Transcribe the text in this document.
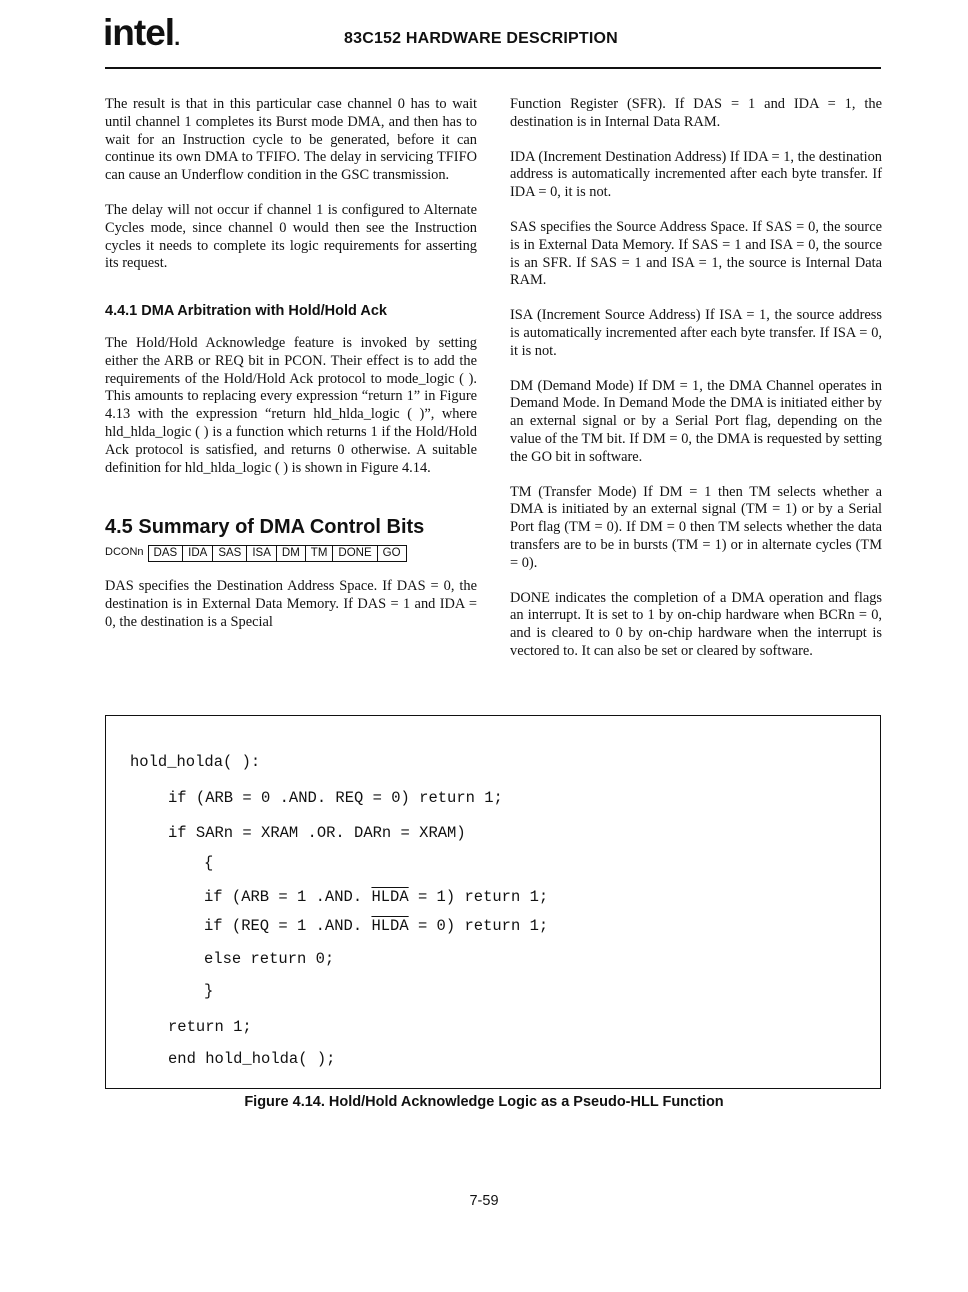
intel.	83C152 HARDWARE DESCRIPTION

The result is that in this particular case channel 0 has to wait until channel 1 completes its Burst mode DMA, and then has to wait for an Instruction cycle to be generated, before it can continue its own DMA to TFIFO. The delay in servicing TFIFO can cause an Underflow condition in the GSC transmission.

The delay will not occur if channel 1 is configured to Alternate Cycles mode, since channel 0 would then see the Instruction cycles it needs to complete its logic requirements for asserting its request.

4.4.1 DMA Arbitration with Hold/Hold Ack

The Hold/Hold Acknowledge feature is invoked by setting either the ARB or REQ bit in PCON. Their effect is to add the requirements of the Hold/Hold Ack protocol to mode_logic ( ). This amounts to replacing every expression “return 1” in Figure 4.13 with the expression “return hld_hlda_logic ( )”, where hld_hlda_logic ( ) is a function which returns 1 if the Hold/Hold Ack protocol is satisfied, and returns 0 otherwise. A suitable definition for hld_hlda_logic ( ) is shown in Figure 4.14.

4.5 Summary of DMA Control Bits
DCONn DAS IDA SAS ISA DM TM DONE GO

DAS specifies the Destination Address Space. If DAS = 0, the destination is in External Data Memory. If DAS = 1 and IDA = 0, the destination is a Special

Function Register (SFR). If DAS = 1 and IDA = 1, the destination is in Internal Data RAM.

IDA (Increment Destination Address) If IDA = 1, the destination address is automatically incremented after each byte transfer. If IDA = 0, it is not.

SAS specifies the Source Address Space. If SAS = 0, the source is in External Data Memory. If SAS = 1 and ISA = 0, the source is an SFR. If SAS = 1 and ISA = 1, the source is Internal Data RAM.

ISA (Increment Source Address) If ISA = 1, the source address is automatically incremented after each byte transfer. If ISA = 0, it is not.

DM (Demand Mode) If DM = 1, the DMA Channel operates in Demand Mode. In Demand Mode the DMA is initiated either by an external signal or by a Serial Port flag, depending on the value of the TM bit. If DM = 0, the DMA is requested by setting the GO bit in software.

TM (Transfer Mode) If DM = 1 then TM selects whether a DMA is initiated by an external signal (TM = 1) or by a Serial Port flag (TM = 0). If DM = 0 then TM selects whether the data transfers are to be in bursts (TM = 1) or in alternate cycles (TM = 0).

DONE indicates the completion of a DMA operation and flags an interrupt. It is set to 1 by on-chip hardware when BCRn = 0, and is cleared to 0 by on-chip hardware when the interrupt is vectored to. It can also be set or cleared by software.

hold_holda( ):
if (ARB = 0 .AND. REQ = 0) return 1;
if SARn = XRAM .OR. DARn = XRAM)
{
if (ARB = 1 .AND. HLDA = 1) return 1;
if (REQ = 1 .AND. HLDA = 0) return 1;
else return 0;
}
return 1;
end hold_holda( );
Figure 4.14. Hold/Hold Acknowledge Logic as a Pseudo-HLL Function
7-59
